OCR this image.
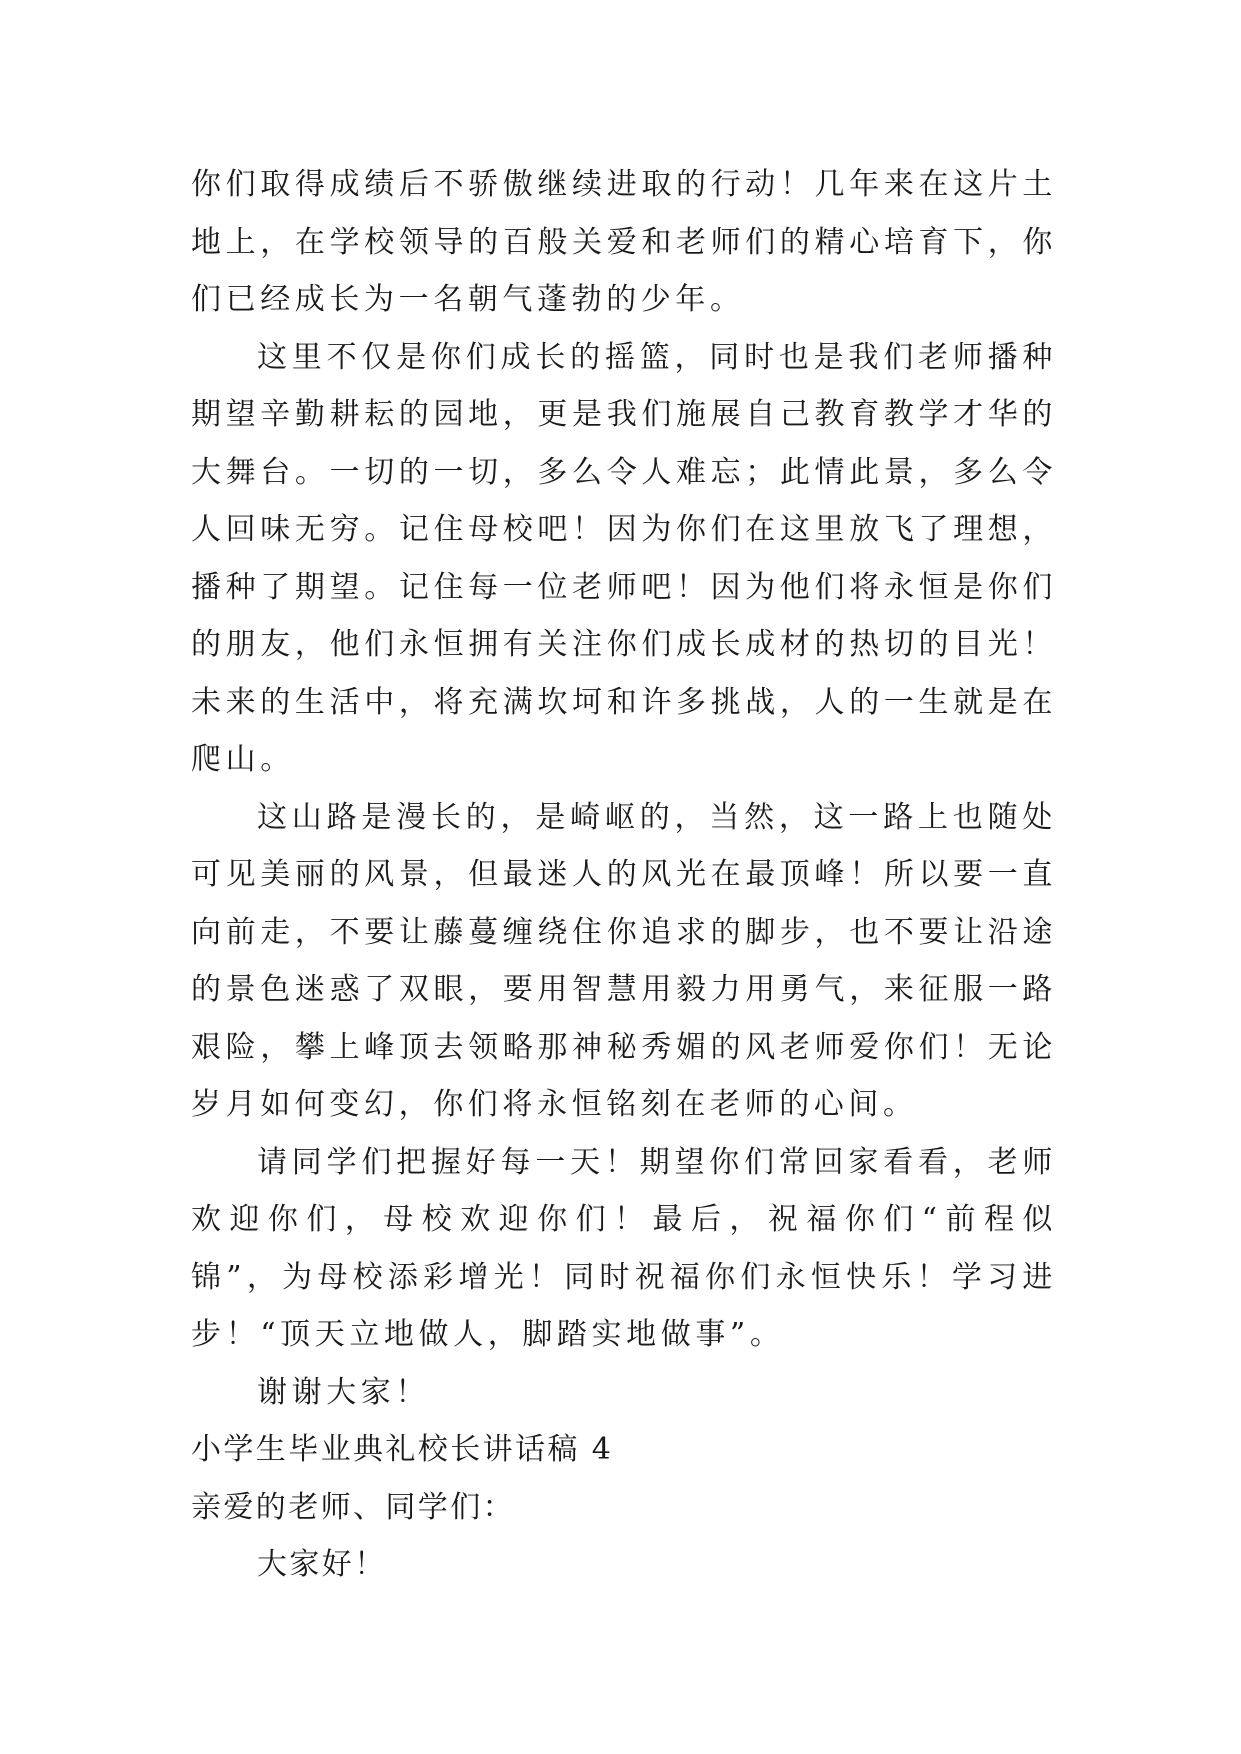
你们取得成绩后不骄傲继续进取的行动！几年来在这片土地上，在学校领导的百般关爱和老师们的精心培育下，你们已经成长为一名朝气蓬勃的少年。

这里不仅是你们成长的摇篮，同时也是我们老师播种期望辛勤耕耘的园地，更是我们施展自己教育教学才华的大舞台。一切的一切，多么令人难忘；此情此景，多么令人回味无穷。记住母校吧！因为你们在这里放飞了理想，播种了期望。记住每一位老师吧！因为他们将永恒是你们的朋友，他们永恒拥有关注你们成长成材的热切的目光！未来的生活中，将充满坎坷和许多挑战，人的一生就是在爬山。

这山路是漫长的，是崎岖的，当然，这一路上也随处可见美丽的风景，但最迷人的风光在最顶峰！所以要一直向前走，不要让藤蔓缠绕住你追求的脚步，也不要让沿途的景色迷惑了双眼，要用智慧用毅力用勇气，来征服一路艰险，攀上峰顶去领略那神秘秀媚的风老师爱你们！无论岁月如何变幻，你们将永恒铭刻在老师的心间。

请同学们把握好每一天！期望你们常回家看看，老师欢迎你们，母校欢迎你们！最后，祝福你们“前程似锦”，为母校添彩增光！同时祝福你们永恒快乐！学习进步！“顶天立地做人，脚踏实地做事”。

谢谢大家！

小学生毕业典礼校长讲话稿 4

亲爱的老师、同学们：

大家好！
